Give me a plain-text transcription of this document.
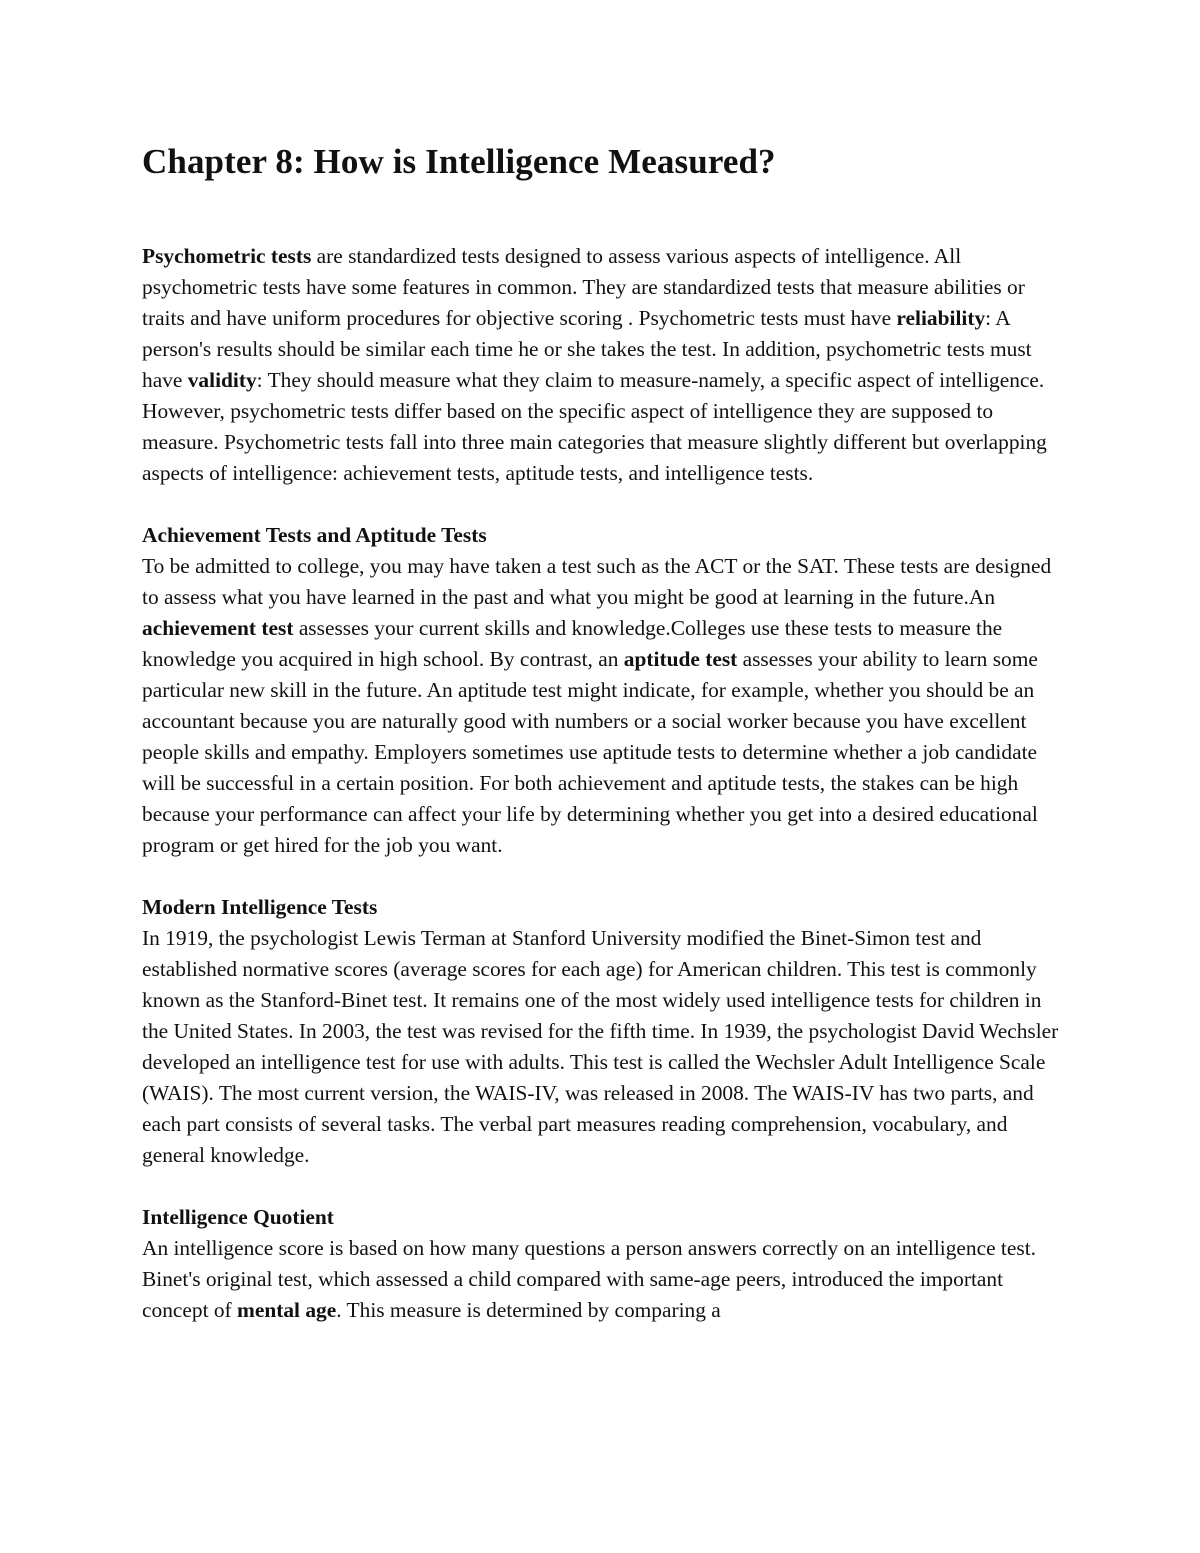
Chapter 8: How is Intelligence Measured?

Psychometric tests are standardized tests designed to assess various aspects of intelligence. All psychometric tests have some features in common. They are standardized tests that measure abilities or traits and have uniform procedures for objective scoring . Psychometric tests must have reliability: A person's results should be similar each time he or she takes the test. In addition, psychometric tests must have validity: They should measure what they claim to measure-namely, a specific aspect of intelligence. However, psychometric tests differ based on the specific aspect of intelligence they are supposed to measure. Psychometric tests fall into three main categories that measure slightly different but overlapping aspects of intelligence: achievement tests, aptitude tests, and intelligence tests.

Achievement Tests and Aptitude Tests

To be admitted to college, you may have taken a test such as the ACT or the SAT. These tests are designed to assess what you have learned in the past and what you might be good at learning in the future.An achievement test assesses your current skills and knowledge.Colleges use these tests to measure the knowledge you acquired in high school. By contrast, an aptitude test assesses your ability to learn some particular new skill in the future. An aptitude test might indicate, for example, whether you should be an accountant because you are naturally good with numbers or a social worker because you have excellent people skills and empathy. Employers sometimes use aptitude tests to determine whether a job candidate will be successful in a certain position. For both achievement and aptitude tests, the stakes can be high because your performance can affect your life by determining whether you get into a desired educational program or get hired for the job you want.

Modern Intelligence Tests

In 1919, the psychologist Lewis Terman at Stanford University modified the Binet-Simon test and established normative scores (average scores for each age) for American children. This test is commonly known as the Stanford-Binet test. It remains one of the most widely used intelligence tests for children in the United States. In 2003, the test was revised for the fifth time. In 1939, the psychologist David Wechsler developed an intelligence test for use with adults. This test is called the Wechsler Adult Intelligence Scale (WAIS). The most current version, the WAIS-IV, was released in 2008. The WAIS-IV has two parts, and each part consists of several tasks. The verbal part measures reading comprehension, vocabulary, and general knowledge.

Intelligence Quotient

An intelligence score is based on how many questions a person answers correctly on an intelligence test. Binet's original test, which assessed a child compared with same-age peers, introduced the important concept of mental age. This measure is determined by comparing a
